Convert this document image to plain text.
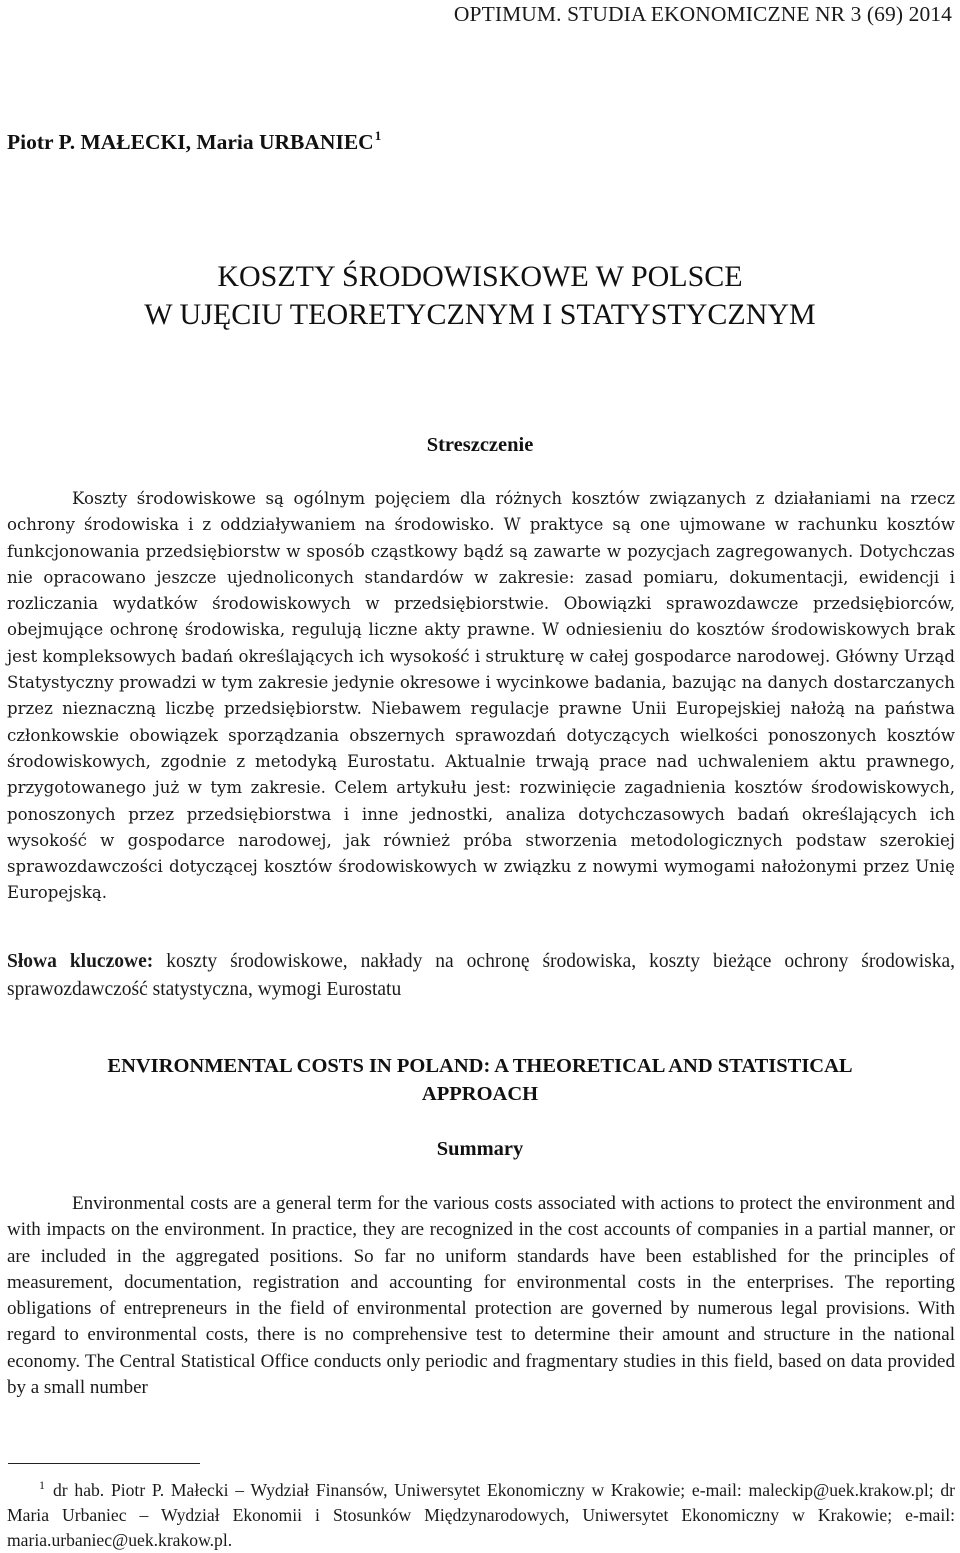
OPTIMUM. STUDIA EKONOMICZNE NR 3 (69) 2014
Piotr P. MAŁECKI, Maria URBANIEC$^1$
KOSZTY ŚRODOWISKOWE W POLSCE
W UJĘCIU TEORETYCZNYM I STATYSTYCZNYM
Streszczenie
Koszty środowiskowe są ogólnym pojęciem dla różnych kosztów związanych z działaniami na rzecz ochrony środowiska i z oddziaływaniem na środowisko. W praktyce są one ujmowane w rachunku kosztów funkcjonowania przedsiębiorstw w sposób cząstkowy bądź są zawarte w pozycjach zagregowanych. Dotychczas nie opracowano jeszcze ujednoliconych standardów w zakresie: zasad pomiaru, dokumentacji, ewidencji i rozliczania wydatków środowiskowych w przedsiębiorstwie. Obowiązki sprawozdawcze przedsiębiorców, obejmujące ochronę środowiska, regulują liczne akty prawne. W odniesieniu do kosztów środowiskowych brak jest kompleksowych badań określających ich wysokość i strukturę w całej gospodarce narodowej. Główny Urząd Statystyczny prowadzi w tym zakresie jedynie okresowe i wycinkowe badania, bazując na danych dostarczanych przez nieznaczną liczbę przedsiębiorstw. Niebawem regulacje prawne Unii Europejskiej nałożą na państwa członkowskie obowiązek sporządzania obszernych sprawozdań dotyczących wielkości ponoszonych kosztów środowiskowych, zgodnie z metodyką Eurostatu. Aktualnie trwają prace nad uchwaleniem aktu prawnego, przygotowanego już w tym zakresie. Celem artykułu jest: rozwinięcie zagadnienia kosztów środowiskowych, ponoszonych przez przedsiębiorstwa i inne jednostki, analiza dotychczasowych badań określających ich wysokość w gospodarce narodowej, jak również próba stworzenia metodologicznych podstaw szerokiej sprawozdawczości dotyczącej kosztów środowiskowych w związku z nowymi wymogami nałożonymi przez Unię Europejską.
Słowa kluczowe: koszty środowiskowe, nakłady na ochronę środowiska, koszty bieżące ochrony środowiska, sprawozdawczość statystyczna, wymogi Eurostatu
ENVIRONMENTAL COSTS IN POLAND: A THEORETICAL AND STATISTICAL
APPROACH
Summary
Environmental costs are a general term for the various costs associated with actions to protect the environment and with impacts on the environment. In practice, they are recognized in the cost accounts of companies in a partial manner, or are included in the aggregated positions. So far no uniform standards have been established for the principles of measurement, documentation, registration and accounting for environmental costs in the enterprises. The reporting obligations of entrepreneurs in the field of environmental protection are governed by numerous legal provisions. With regard to environmental costs, there is no comprehensive test to determine their amount and structure in the national economy. The Central Statistical Office conducts only periodic and fragmentary studies in this field, based on data provided by a small number
$^1$ dr hab. Piotr P. Małecki – Wydział Finansów, Uniwersytet Ekonomiczny w Krakowie; e-mail: maleckip@uek.krakow.pl; dr Maria Urbaniec – Wydział Ekonomii i Stosunków Międzynarodowych, Uniwersytet Ekonomiczny w Krakowie; e-mail: maria.urbaniec@uek.krakow.pl.
